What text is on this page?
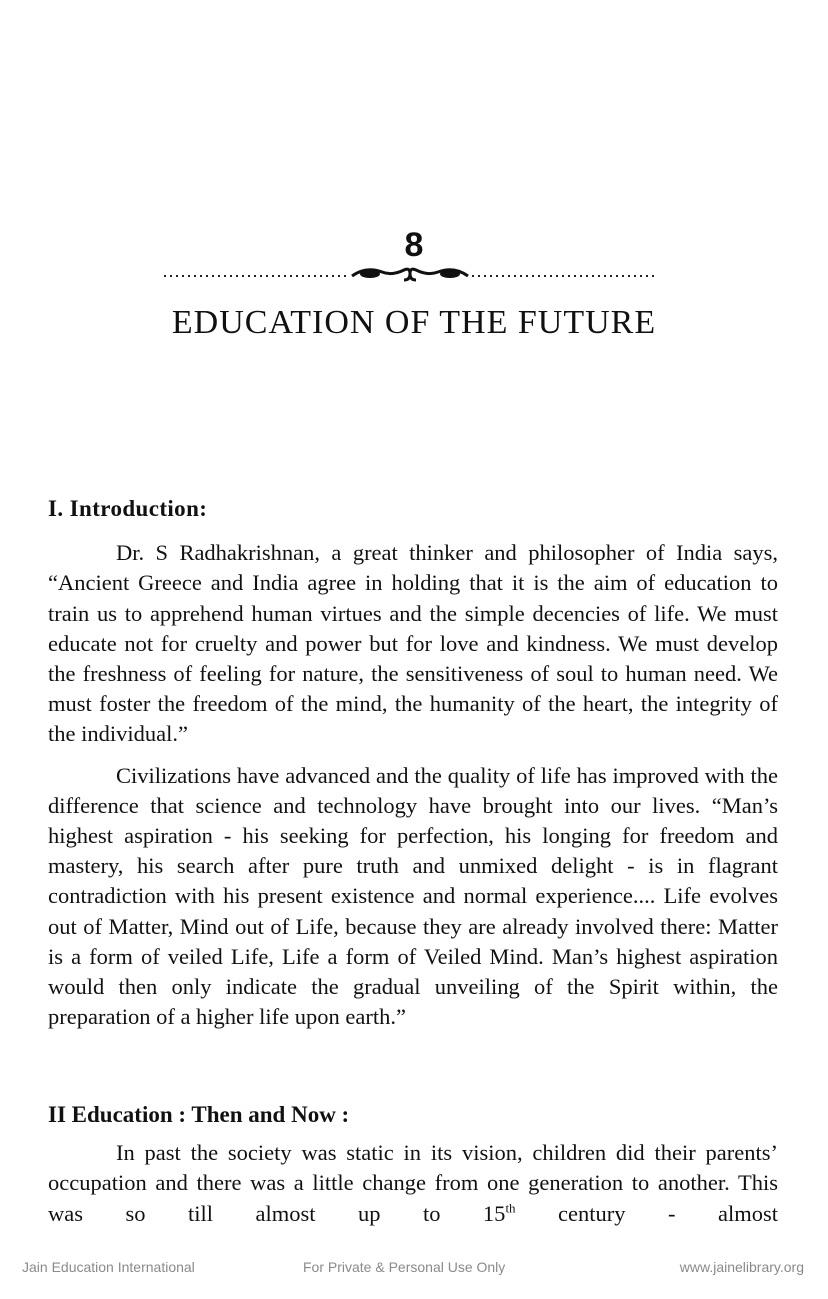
8
EDUCATION OF THE FUTURE
I. Introduction:

Dr. S Radhakrishnan, a great thinker and philosopher of India says, “Ancient Greece and India agree in holding that it is the aim of education to train us to apprehend human virtues and the simple decencies of life. We must educate not for cruelty and power but for love and kindness. We must develop the freshness of feeling for nature, the sensitiveness of soul to human need. We must foster the freedom of the mind, the humanity of the heart, the integrity of the individual.”

Civilizations have advanced and the quality of life has improved with the difference that science and technology have brought into our lives. “Man’s highest aspiration - his seeking for perfection, his longing for freedom and mastery, his search after pure truth and unmixed delight - is in flagrant contradiction with his present existence and normal experience.... Life evolves out of Matter, Mind out of Life, because they are already involved there: Matter is a form of veiled Life, Life a form of Veiled Mind. Man’s highest aspiration would then only indicate the gradual unveiling of the Spirit within, the preparation of a higher life upon earth.”

II Education : Then and Now :

In past the society was static in its vision, children did their parents’ occupation and there was a little change from one generation to another. This was so till almost up to 15th century - almost

Jain Education International	For Private & Personal Use Only	www.jainelibrary.org
